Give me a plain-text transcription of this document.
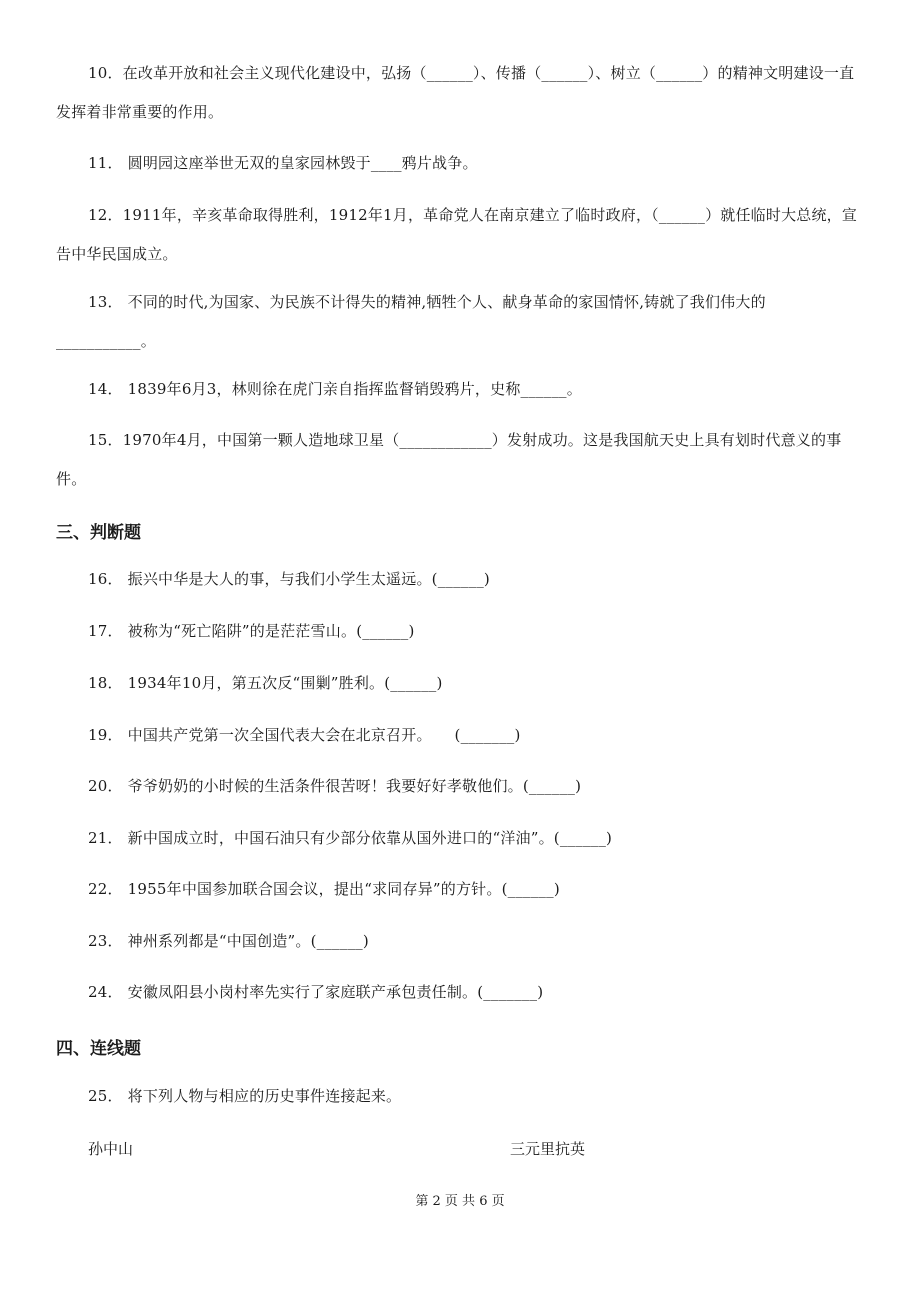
10．在改革开放和社会主义现代化建设中，弘扬（______）、传播（______）、树立（______）的精神文明建设一直发挥着非常重要的作用。
11． 圆明园这座举世无双的皇家园林毁于____鸦片战争。
12．1911年，辛亥革命取得胜利，1912年1月，革命党人在南京建立了临时政府，（______）就任临时大总统，宣告中华民国成立。
13． 不同的时代,为国家、为民族不计得失的精神,牺牲个人、献身革命的家国情怀,铸就了我们伟大的___________。
14． 1839年6月3，林则徐在虎门亲自指挥监督销毁鸦片，史称______。
15．1970年4月，中国第一颗人造地球卫星（____________）发射成功。这是我国航天史上具有划时代意义的事件。
三、判断题
16． 振兴中华是大人的事，与我们小学生太遥远。(______)
17． 被称为“死亡陷阱”的是茫茫雪山。(______)
18． 1934年10月，第五次反“围剿”胜利。(______)
19． 中国共产党第一次全国代表大会在北京召开。　　(_______)
20． 爷爷奶奶的小时候的生活条件很苦呀！我要好好孝敬他们。(______)
21． 新中国成立时，中国石油只有少部分依靠从国外进口的“洋油”。(______)
22． 1955年中国参加联合国会议，提出“求同存异”的方针。(______)
23． 神州系列都是“中国创造”。(______)
24． 安徽凤阳县小岗村率先实行了家庭联产承包责任制。(_______)
四、连线题
25． 将下列人物与相应的历史事件连接起来。
孙中山	三元里抗英
第 2 页 共 6 页
